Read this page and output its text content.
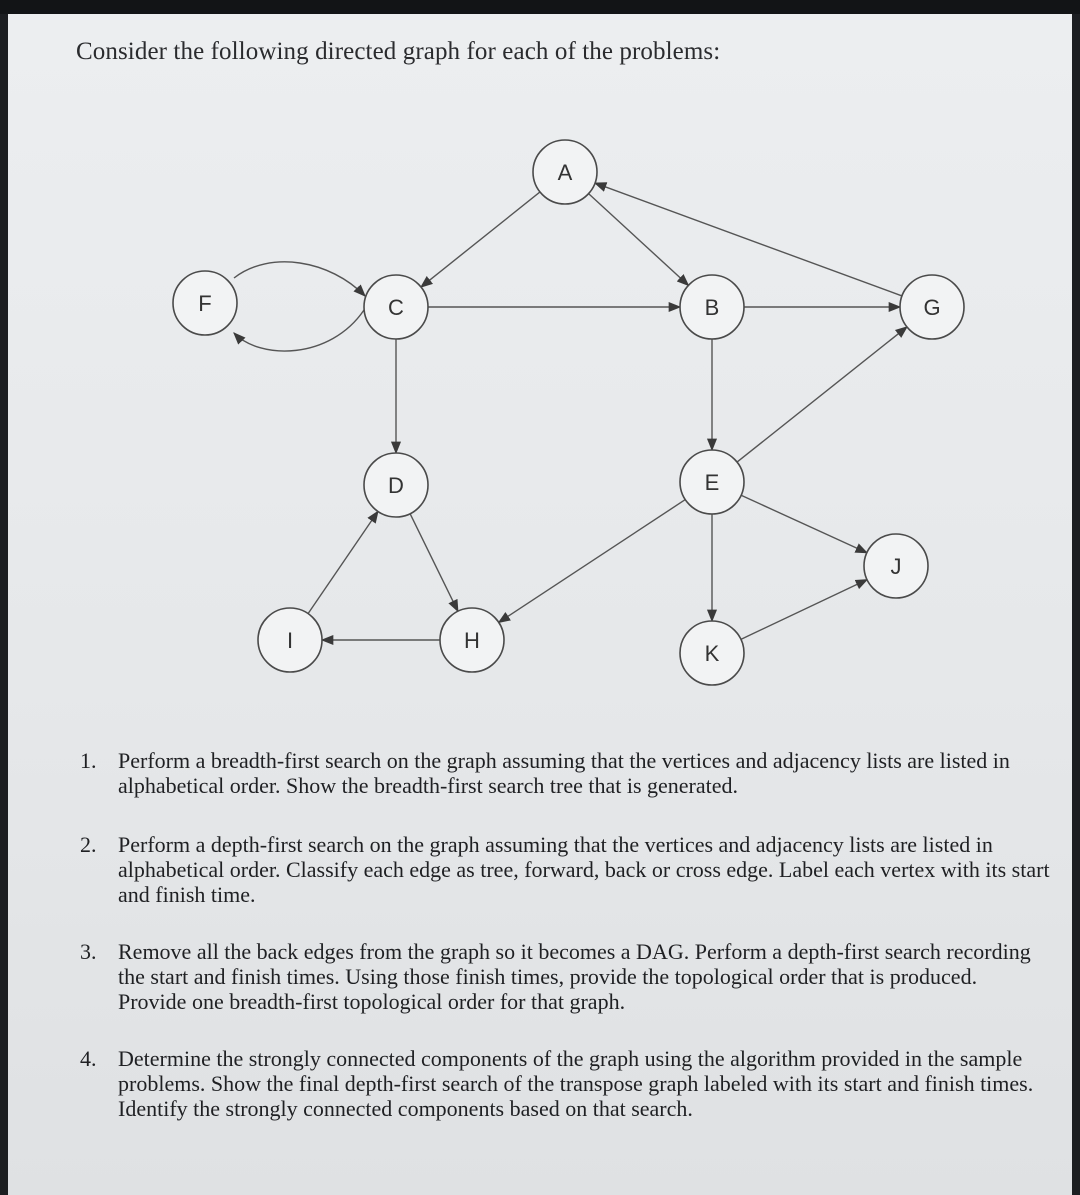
Consider the following directed graph for each of the problems:
A
B
C
D	E
F	G
H
I
J
K
1. Perform a breadth-first search on the graph assuming that the vertices and adjacency lists are listed in alphabetical order. Show the breadth-first search tree that is generated.
2. Perform a depth-first search on the graph assuming that the vertices and adjacency lists are listed in alphabetical order. Classify each edge as tree, forward, back or cross edge. Label each vertex with its start and finish time.
3. Remove all the back edges from the graph so it becomes a DAG. Perform a depth-first search recording the start and finish times. Using those finish times, provide the topological order that is produced. Provide one breadth-first topological order for that graph.
4. Determine the strongly connected components of the graph using the algorithm provided in the sample problems. Show the final depth-first search of the transpose graph labeled with its start and finish times. Identify the strongly connected components based on that search.
